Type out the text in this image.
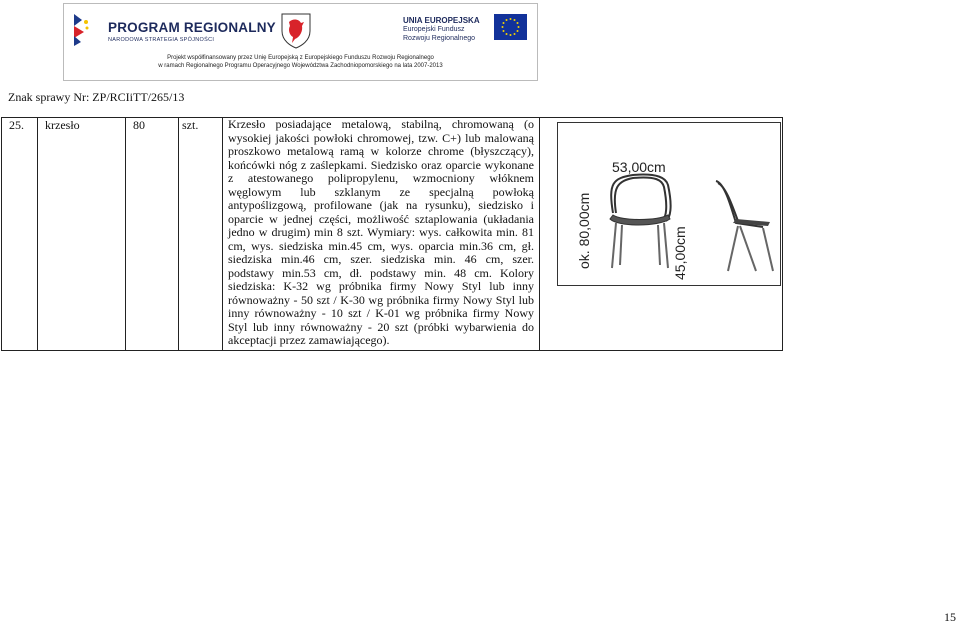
PROGRAM REGIONALNY
NARODOWA STRATEGIA SPÓJNOŚCI
UNIA EUROPEJSKA
Europejski Fundusz
Rozwoju Regionalnego
Projekt współfinansowany przez Unię Europejską z Europejskiego Funduszu Rozwoju Regionalnego
w ramach Regionalnego Programu Operacyjnego Województwa Zachodniopomorskiego na lata 2007-2013
Znak sprawy Nr: ZP/RCIiTT/265/13
25.	krzesło	80	szt.	Krzesło posiadające metalową, stabilną, chromowaną (o wysokiej jakości powłoki chromowej, tzw. C+) lub malowaną proszkowo metalową ramą w kolorze chrome (błyszczący), końcówki nóg z zaślepkami. Siedzisko oraz oparcie wykonane z atestowanego polipropylenu, wzmocniony włóknem węglowym lub szklanym ze specjalną powłoką antypoślizgową, profilowane (jak na rysunku), siedzisko i oparcie w jednej części, możliwość sztaplowania (układania jedno w drugim) min 8 szt. Wymiary: wys. całkowita min. 81 cm, wys. siedziska min.45 cm, wys. oparcia min.36 cm, gł. siedziska min.46 cm, szer. siedziska min. 46 cm, szer. podstawy min.53 cm, dł. podstawy min. 48 cm. Kolory siedziska: K-32 wg próbnika firmy Nowy Styl lub inny równoważny - 50 szt / K-30 wg próbnika firmy Nowy Styl lub inny równoważny - 10 szt / K-01 wg próbnika firmy Nowy Styl lub inny równoważny - 20 szt (próbki wybarwienia do akceptacji przez zamawiającego).

53,00cm
ok. 80,00cm	45,00cm
15
